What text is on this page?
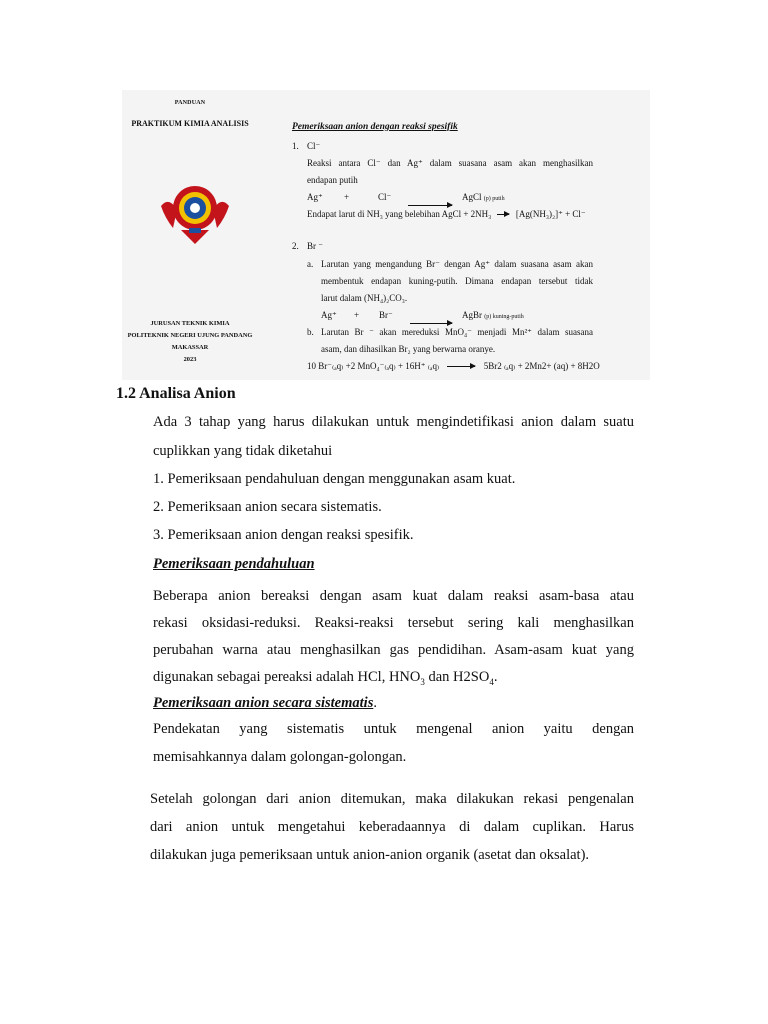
PANDUAN
PRAKTIKUM KIMIA ANALISIS
JURUSAN TEKNIK KIMIA
POLITEKNIK NEGERI UJUNG PANDANG
MAKASSAR
2023
Pemeriksaan anion dengan reaksi spesifik
1. Cl⁻
Reaksi antara Cl⁻ dan Ag⁺ dalam suasana asam akan menghasilkan
endapan putih
Ag⁺ +	Cl⁻ → AgCl (p) putih
Endapat larut di NH₃ yang belebihan AgCl + 2NH₃	[Ag(NH₃)₂]⁺ + Cl⁻
2. Br ⁻
a. Larutan yang mengandung Br⁻ dengan Ag⁺ dalam suasana asam akan
membentuk endapan kuning-putih. Dimana endapan tersebut tidak
larut dalam (NH₄)₂CO₃.
Ag⁺ + Br⁻ → AgBr (p) kuning-putih
b. Larutan Br ⁻ akan mereduksi MnO₄⁻ menjadi Mn²⁺ dalam suasana
asam, dan dihasilkan Br₂ yang berwarna oranye.
10 Br⁻₍ₐq₎ +2 MnO₄⁻₍ₐq₎ + 16H⁺ ₍ₐq₎ → 5Br2 ₍ₐq₎ + 2Mn2+ (aq) + 8H2O
1.2 Analisa Anion
Ada 3 tahap yang harus dilakukan untuk mengindetifikasi anion dalam suatu
cuplikkan yang tidak diketahui
1. Pemeriksaan pendahuluan dengan menggunakan asam kuat.
2. Pemeriksaan anion secara sistematis.
3. Pemeriksaan anion dengan reaksi spesifik.
Pemeriksaan pendahuluan
Beberapa anion bereaksi dengan asam kuat dalam reaksi asam-basa atau
rekasi oksidasi-reduksi. Reaksi-reaksi tersebut sering kali menghasilkan
perubahan warna atau menghasilkan gas pendidihan. Asam-asam kuat yang
digunakan sebagai pereaksi adalah HCl, $HNO_3$ dan $H2SO_4$.
Pemeriksaan anion secara sistematis.
Pendekatan yang sistematis untuk mengenal anion yaitu dengan
memisahkannya dalam golongan-golongan.
Setelah golongan dari anion ditemukan, maka dilakukan rekasi pengenalan
dari anion untuk mengetahui keberadaannya di dalam cuplikan. Harus
dilakukan juga pemeriksaan untuk anion-anion organik (asetat dan oksalat).
